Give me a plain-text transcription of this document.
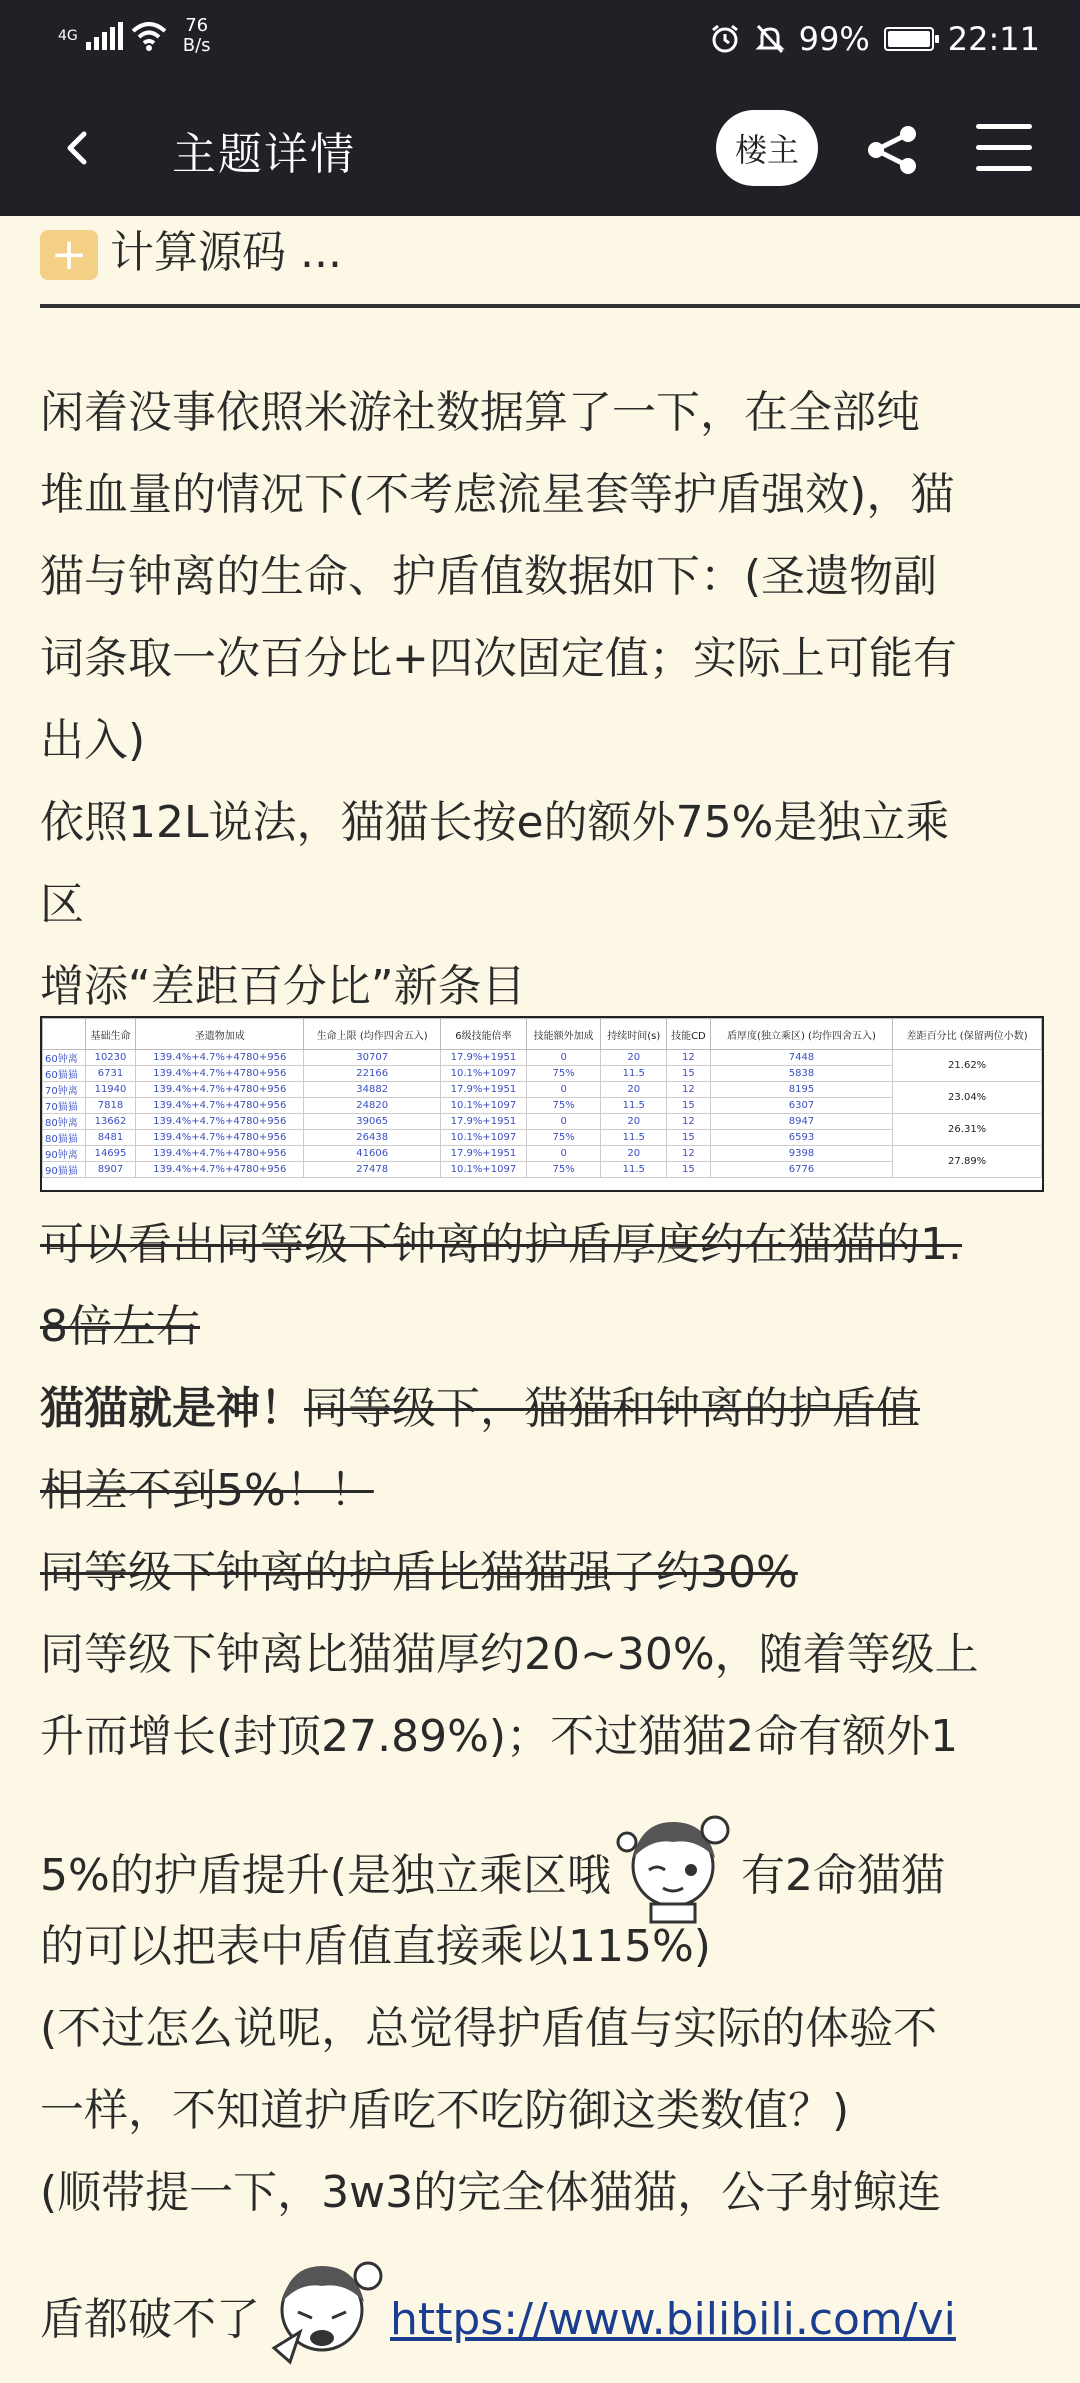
4G	76
B/s	99% 22:11
主题详情	楼主
+ 计算源码 ...
闲着没事依照米游社数据算了一下，在全部纯
堆血量的情况下(不考虑流星套等护盾强效)，猫
猫与钟离的生命、护盾值数据如下：(圣遗物副
词条取一次百分比+四次固定值；实际上可能有
出入)
依照12L说法，猫猫长按e的额外75%是独立乘
区
增添“差距百分比”新条目
	基础生命	圣遗物加成	生命上限 (均作四舍五入)	6级技能倍率	技能额外加成	持续时间(s)	技能CD	盾厚度(独立乘区) (均作四舍五入)	差距百分比 (保留两位小数)
60钟离	10230	139.4%+4.7%+4780+956	30707	17.9%+1951	0	20	12	7448	21.62%
60猫猫	6731	139.4%+4.7%+4780+956	22166	10.1%+1097	75%	11.5	15	5838	
70钟离	11940	139.4%+4.7%+4780+956	34882	17.9%+1951	0	20	12	8195	23.04%
70猫猫	7818	139.4%+4.7%+4780+956	24820	10.1%+1097	75%	11.5	15	6307	
80钟离	13662	139.4%+4.7%+4780+956	39065	17.9%+1951	0	20	12	8947	26.31%
80猫猫	8481	139.4%+4.7%+4780+956	26438	10.1%+1097	75%	11.5	15	6593	
90钟离	14695	139.4%+4.7%+4780+956	41606	17.9%+1951	0	20	12	9398	27.89%
90猫猫	8907	139.4%+4.7%+4780+956	27478	10.1%+1097	75%	11.5	15	6776	
可以看出同等级下钟离的护盾厚度约在猫猫的1.
8倍左右
猫猫就是神！同等级下，猫猫和钟离的护盾值
相差不到5%！！
同等级下钟离的护盾比猫猫强了约30%
同等级下钟离比猫猫厚约20~30%，随着等级上
升而增长(封顶27.89%)；不过猫猫2命有额外1
5%的护盾提升(是独立乘区哦	有2命猫猫
的可以把表中盾值直接乘以115%)
(不过怎么说呢，总觉得护盾值与实际的体验不
一样，不知道护盾吃不吃防御这类数值？)
(顺带提一下，3w3的完全体猫猫，公子射鲸连
盾都破不了	https://www.bilibili.com/vi
